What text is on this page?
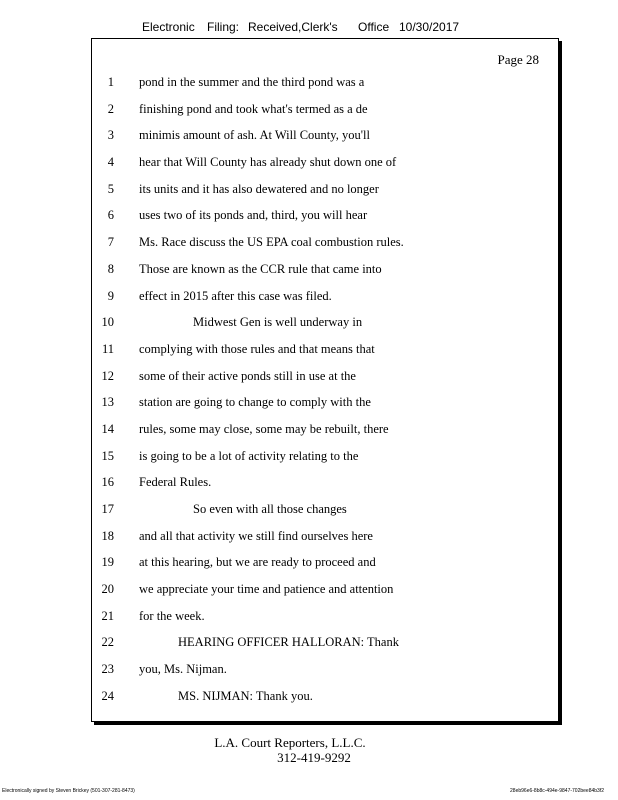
Electronic Filing: Received,Clerk's Office 10/30/2017
Page 28
1 pond in the summer and the third pond was a
2 finishing pond and took what's termed as a de
3 minimis amount of ash. At Will County, you'll
4 hear that Will County has already shut down one of
5 its units and it has also dewatered and no longer
6 uses two of its ponds and, third, you will hear
7 Ms. Race discuss the US EPA coal combustion rules.
8 Those are known as the CCR rule that came into
9 effect in 2015 after this case was filed.
10	Midwest Gen is well underway in
11 complying with those rules and that means that
12 some of their active ponds still in use at the
13 station are going to change to comply with the
14 rules, some may close, some may be rebuilt, there
15 is going to be a lot of activity relating to the
16 Federal Rules.
17	So even with all those changes
18 and all that activity we still find ourselves here
19 at this hearing, but we are ready to proceed and
20 we appreciate your time and patience and attention
21 for the week.
22	HEARING OFFICER HALLORAN: Thank
23 you, Ms. Nijman.
24	MS. NIJMAN: Thank you.
L.A. Court Reporters, L.L.C.
312-419-9292
Electronically signed by Steven Brickey (501-307-281-8473)	28eb96e6-8b8c-494e-9847-702bee84b3f2
